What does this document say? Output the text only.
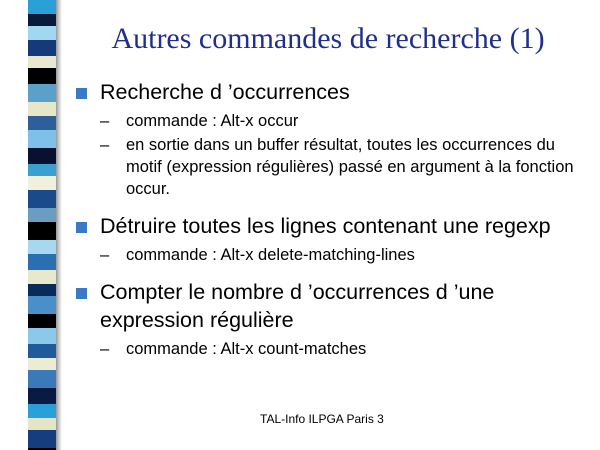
Autres commandes de recherche (1)
Recherche d ’occurrences
– commande : Alt-x occur
– en sortie dans un buffer résultat, toutes les occurrences du motif (expression régulières) passé en argument à la fonction occur.
Détruire toutes les lignes contenant une regexp
– commande : Alt-x delete-matching-lines
Compter le nombre d ’occurrences d ’une expression régulière
– commande : Alt-x count-matches
TAL-Info ILPGA Paris 3
